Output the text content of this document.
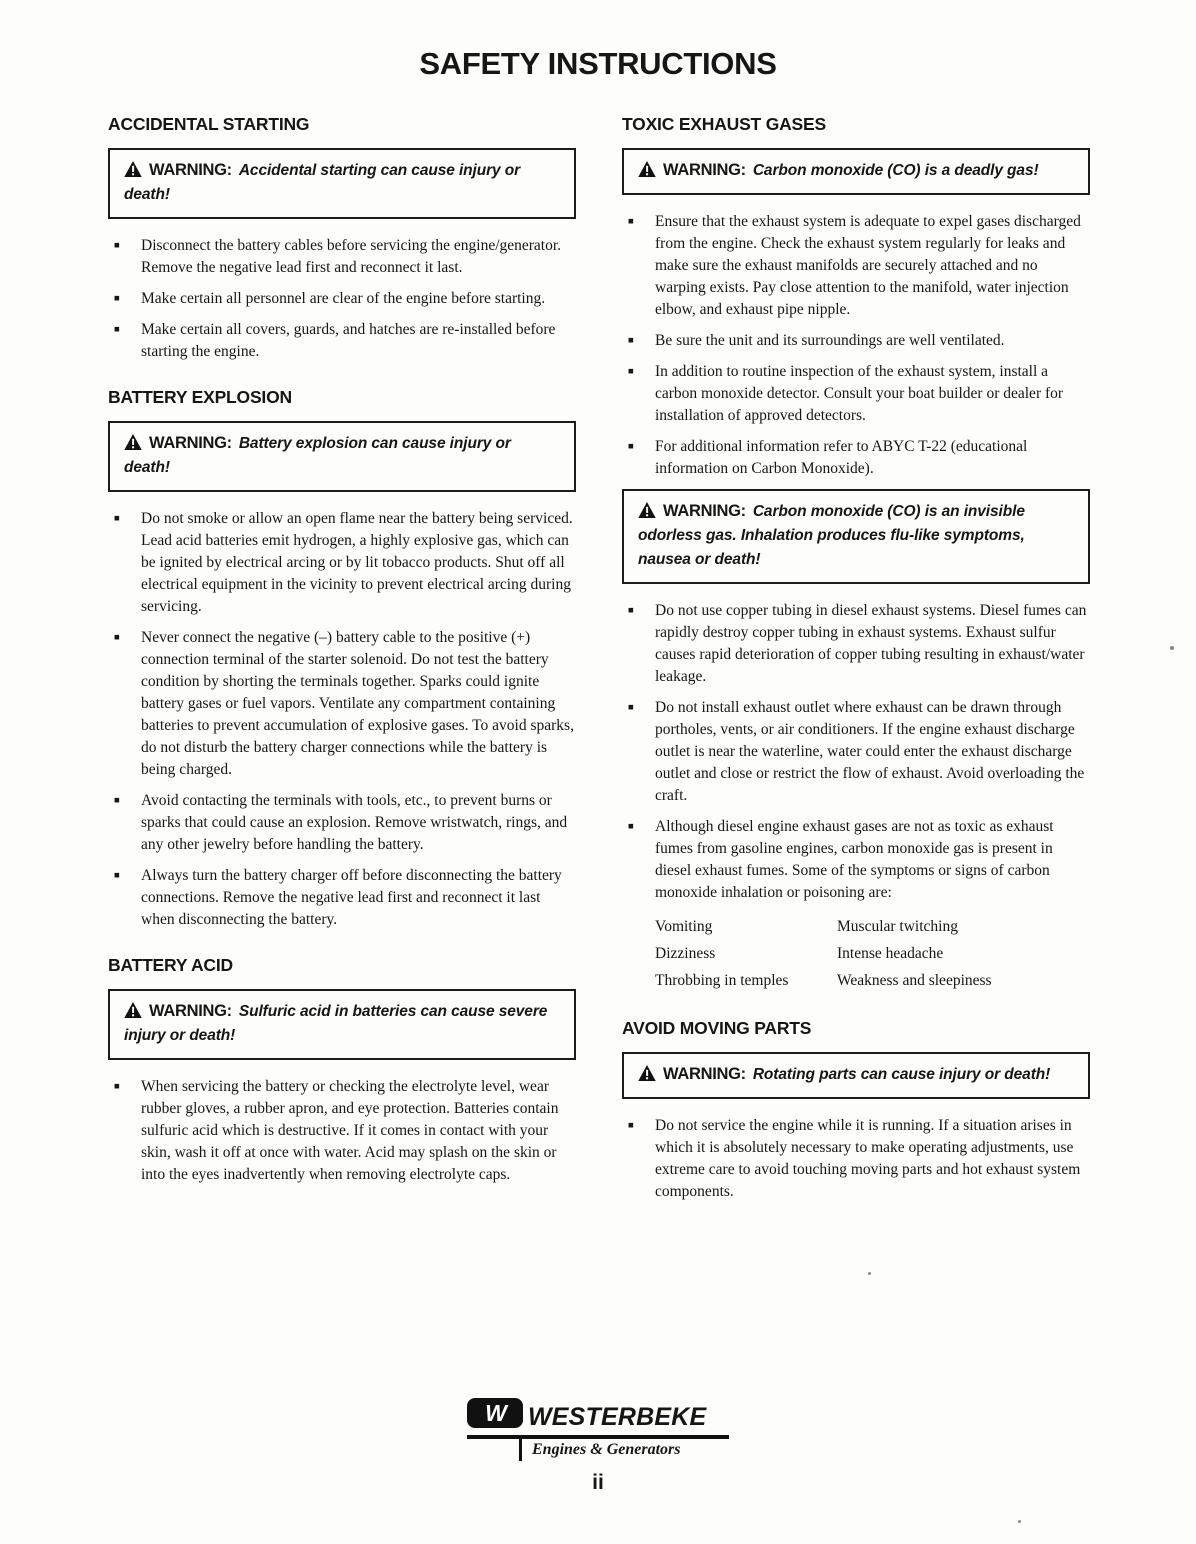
SAFETY INSTRUCTIONS
ACCIDENTAL STARTING

WARNING: Accidental starting can cause injury or death!

■	Disconnect the battery cables before servicing the engine/generator. Remove the negative lead first and reconnect it last.

■	Make certain all personnel are clear of the engine before starting.

■	Make certain all covers, guards, and hatches are re-installed before starting the engine.

BATTERY EXPLOSION

WARNING: Battery explosion can cause injury or death!

■	Do not smoke or allow an open flame near the battery being serviced. Lead acid batteries emit hydrogen, a highly explosive gas, which can be ignited by electrical arcing or by lit tobacco products. Shut off all electrical equipment in the vicinity to prevent electrical arcing during servicing.

■	Never connect the negative (–) battery cable to the positive (+) connection terminal of the starter solenoid. Do not test the battery condition by shorting the terminals together. Sparks could ignite battery gases or fuel vapors. Ventilate any compartment containing batteries to prevent accumulation of explosive gases. To avoid sparks, do not disturb the battery charger connections while the battery is being charged.

■	Avoid contacting the terminals with tools, etc., to prevent burns or sparks that could cause an explosion. Remove wristwatch, rings, and any other jewelry before handling the battery.

■	Always turn the battery charger off before disconnecting the battery connections. Remove the negative lead first and reconnect it last when disconnecting the battery.

BATTERY ACID

WARNING: Sulfuric acid in batteries can cause severe injury or death!

■	When servicing the battery or checking the electrolyte level, wear rubber gloves, a rubber apron, and eye protection. Batteries contain sulfuric acid which is destructive. If it comes in contact with your skin, wash it off at once with water. Acid may splash on the skin or into the eyes inadvertently when removing electrolyte caps.

TOXIC EXHAUST GASES

WARNING: Carbon monoxide (CO) is a deadly gas!

■	Ensure that the exhaust system is adequate to expel gases discharged from the engine. Check the exhaust system regularly for leaks and make sure the exhaust manifolds are securely attached and no warping exists. Pay close attention to the manifold, water injection elbow, and exhaust pipe nipple.

■	Be sure the unit and its surroundings are well ventilated.

■	In addition to routine inspection of the exhaust system, install a carbon monoxide detector. Consult your boat builder or dealer for installation of approved detectors.

■	For additional information refer to ABYC T-22 (educational information on Carbon Monoxide).

WARNING: Carbon monoxide (CO) is an invisible odorless gas. Inhalation produces flu-like symptoms, nausea or death!

■	Do not use copper tubing in diesel exhaust systems. Diesel fumes can rapidly destroy copper tubing in exhaust systems. Exhaust sulfur causes rapid deterioration of copper tubing resulting in exhaust/water leakage.

■	Do not install exhaust outlet where exhaust can be drawn through portholes, vents, or air conditioners. If the engine exhaust discharge outlet is near the waterline, water could enter the exhaust discharge outlet and close or restrict the flow of exhaust. Avoid overloading the craft.

■	Although diesel engine exhaust gases are not as toxic as exhaust fumes from gasoline engines, carbon monoxide gas is present in diesel exhaust fumes. Some of the symptoms or signs of carbon monoxide inhalation or poisoning are:

Vomiting	Muscular twitching
Dizziness	Intense headache
Throbbing in temples	Weakness and sleepiness
AVOID MOVING PARTS

WARNING: Rotating parts can cause injury or death!

■	Do not service the engine while it is running. If a situation arises in which it is absolutely necessary to make operating adjustments, use extreme care to avoid touching moving parts and hot exhaust system components.

W WESTERBEKE
Engines & Generators
ii
